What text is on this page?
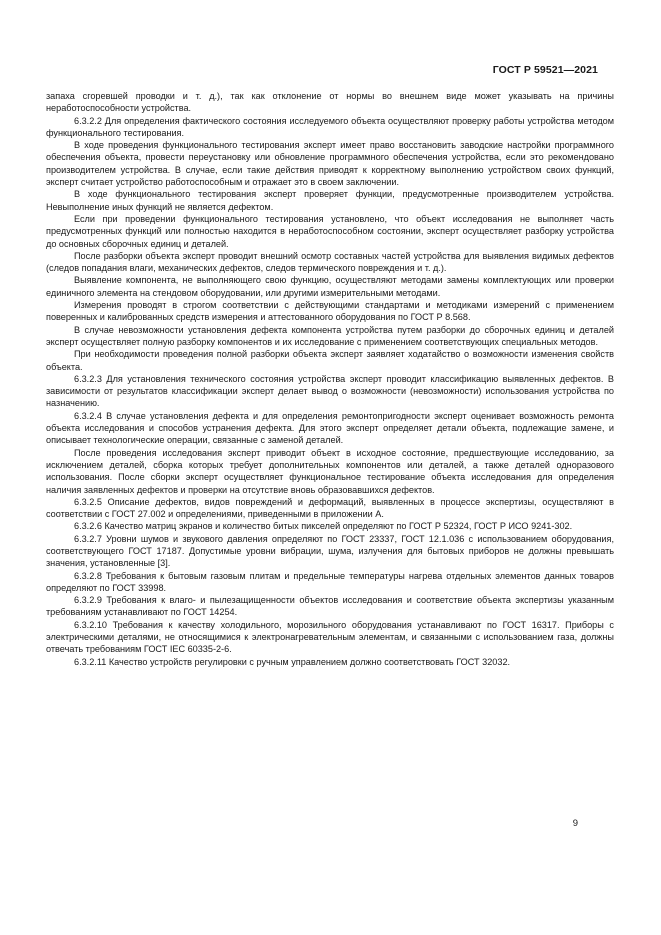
ГОСТ Р 59521—2021

запаха сгоревшей проводки и т. д.), так как отклонение от нормы во внешнем виде может указывать на причины неработоспособности устройства.

6.3.2.2 Для определения фактического состояния исследуемого объекта осуществляют проверку работы устройства методом функционального тестирования.

В ходе проведения функционального тестирования эксперт имеет право восстановить заводские настройки программного обеспечения объекта, провести переустановку или обновление программного обеспечения устройства, если это рекомендовано производителем устройства. В случае, если такие действия приводят к корректному выполнению устройством своих функций, эксперт считает устройство работоспособным и отражает это в своем заключении.

В ходе функционального тестирования эксперт проверяет функции, предусмотренные производителем устройства. Невыполнение иных функций не является дефектом.

Если при проведении функционального тестирования установлено, что объект исследования не выполняет часть предусмотренных функций или полностью находится в неработоспособном состоянии, эксперт осуществляет разборку устройства до основных сборочных единиц и деталей.

После разборки объекта эксперт проводит внешний осмотр составных частей устройства для выявления видимых дефектов (следов попадания влаги, механических дефектов, следов термического повреждения и т. д.).

Выявление компонента, не выполняющего свою функцию, осуществляют методами замены комплектующих или проверки единичного элемента на стендовом оборудовании, или другими измерительными методами.

Измерения проводят в строгом соответствии с действующими стандартами и методиками измерений с применением поверенных и калиброванных средств измерения и аттестованного оборудования по ГОСТ Р 8.568.

В случае невозможности установления дефекта компонента устройства путем разборки до сборочных единиц и деталей эксперт осуществляет полную разборку компонентов и их исследование с применением соответствующих специальных методов.

При необходимости проведения полной разборки объекта эксперт заявляет ходатайство о возможности изменения свойств объекта.

6.3.2.3 Для установления технического состояния устройства эксперт проводит классификацию выявленных дефектов. В зависимости от результатов классификации эксперт делает вывод о возможности (невозможности) использования устройства по назначению.

6.3.2.4 В случае установления дефекта и для определения ремонтопригодности эксперт оценивает возможность ремонта объекта исследования и способов устранения дефекта. Для этого эксперт определяет детали объекта, подлежащие замене, и описывает технологические операции, связанные с заменой деталей.

После проведения исследования эксперт приводит объект в исходное состояние, предшествующие исследованию, за исключением деталей, сборка которых требует дополнительных компонентов или деталей, а также деталей одноразового использования. После сборки эксперт осуществляет функциональное тестирование объекта исследования для определения наличия заявленных дефектов и проверки на отсутствие вновь образовавшихся дефектов.

6.3.2.5 Описание дефектов, видов повреждений и деформаций, выявленных в процессе экспертизы, осуществляют в соответствии с ГОСТ 27.002 и определениями, приведенными в приложении А.

6.3.2.6 Качество матриц экранов и количество битых пикселей определяют по ГОСТ Р 52324, ГОСТ Р ИСО 9241-302.

6.3.2.7 Уровни шумов и звукового давления определяют по ГОСТ 23337, ГОСТ 12.1.036 с использованием оборудования, соответствующего ГОСТ 17187. Допустимые уровни вибрации, шума, излучения для бытовых приборов не должны превышать значения, установленные [3].

6.3.2.8 Требования к бытовым газовым плитам и предельные температуры нагрева отдельных элементов данных товаров определяют по ГОСТ 33998.

6.3.2.9 Требования к влаго- и пылезащищенности объектов исследования и соответствие объекта экспертизы указанным требованиям устанавливают по ГОСТ 14254.

6.3.2.10 Требования к качеству холодильного, морозильного оборудования устанавливают по ГОСТ 16317. Приборы с электрическими деталями, не относящимися к электронагревательным элементам, и связанными с использованием газа, должны отвечать требованиям ГОСТ IEC 60335-2-6.

6.3.2.11 Качество устройств регулировки с ручным управлением должно соответствовать ГОСТ 32032.

9
